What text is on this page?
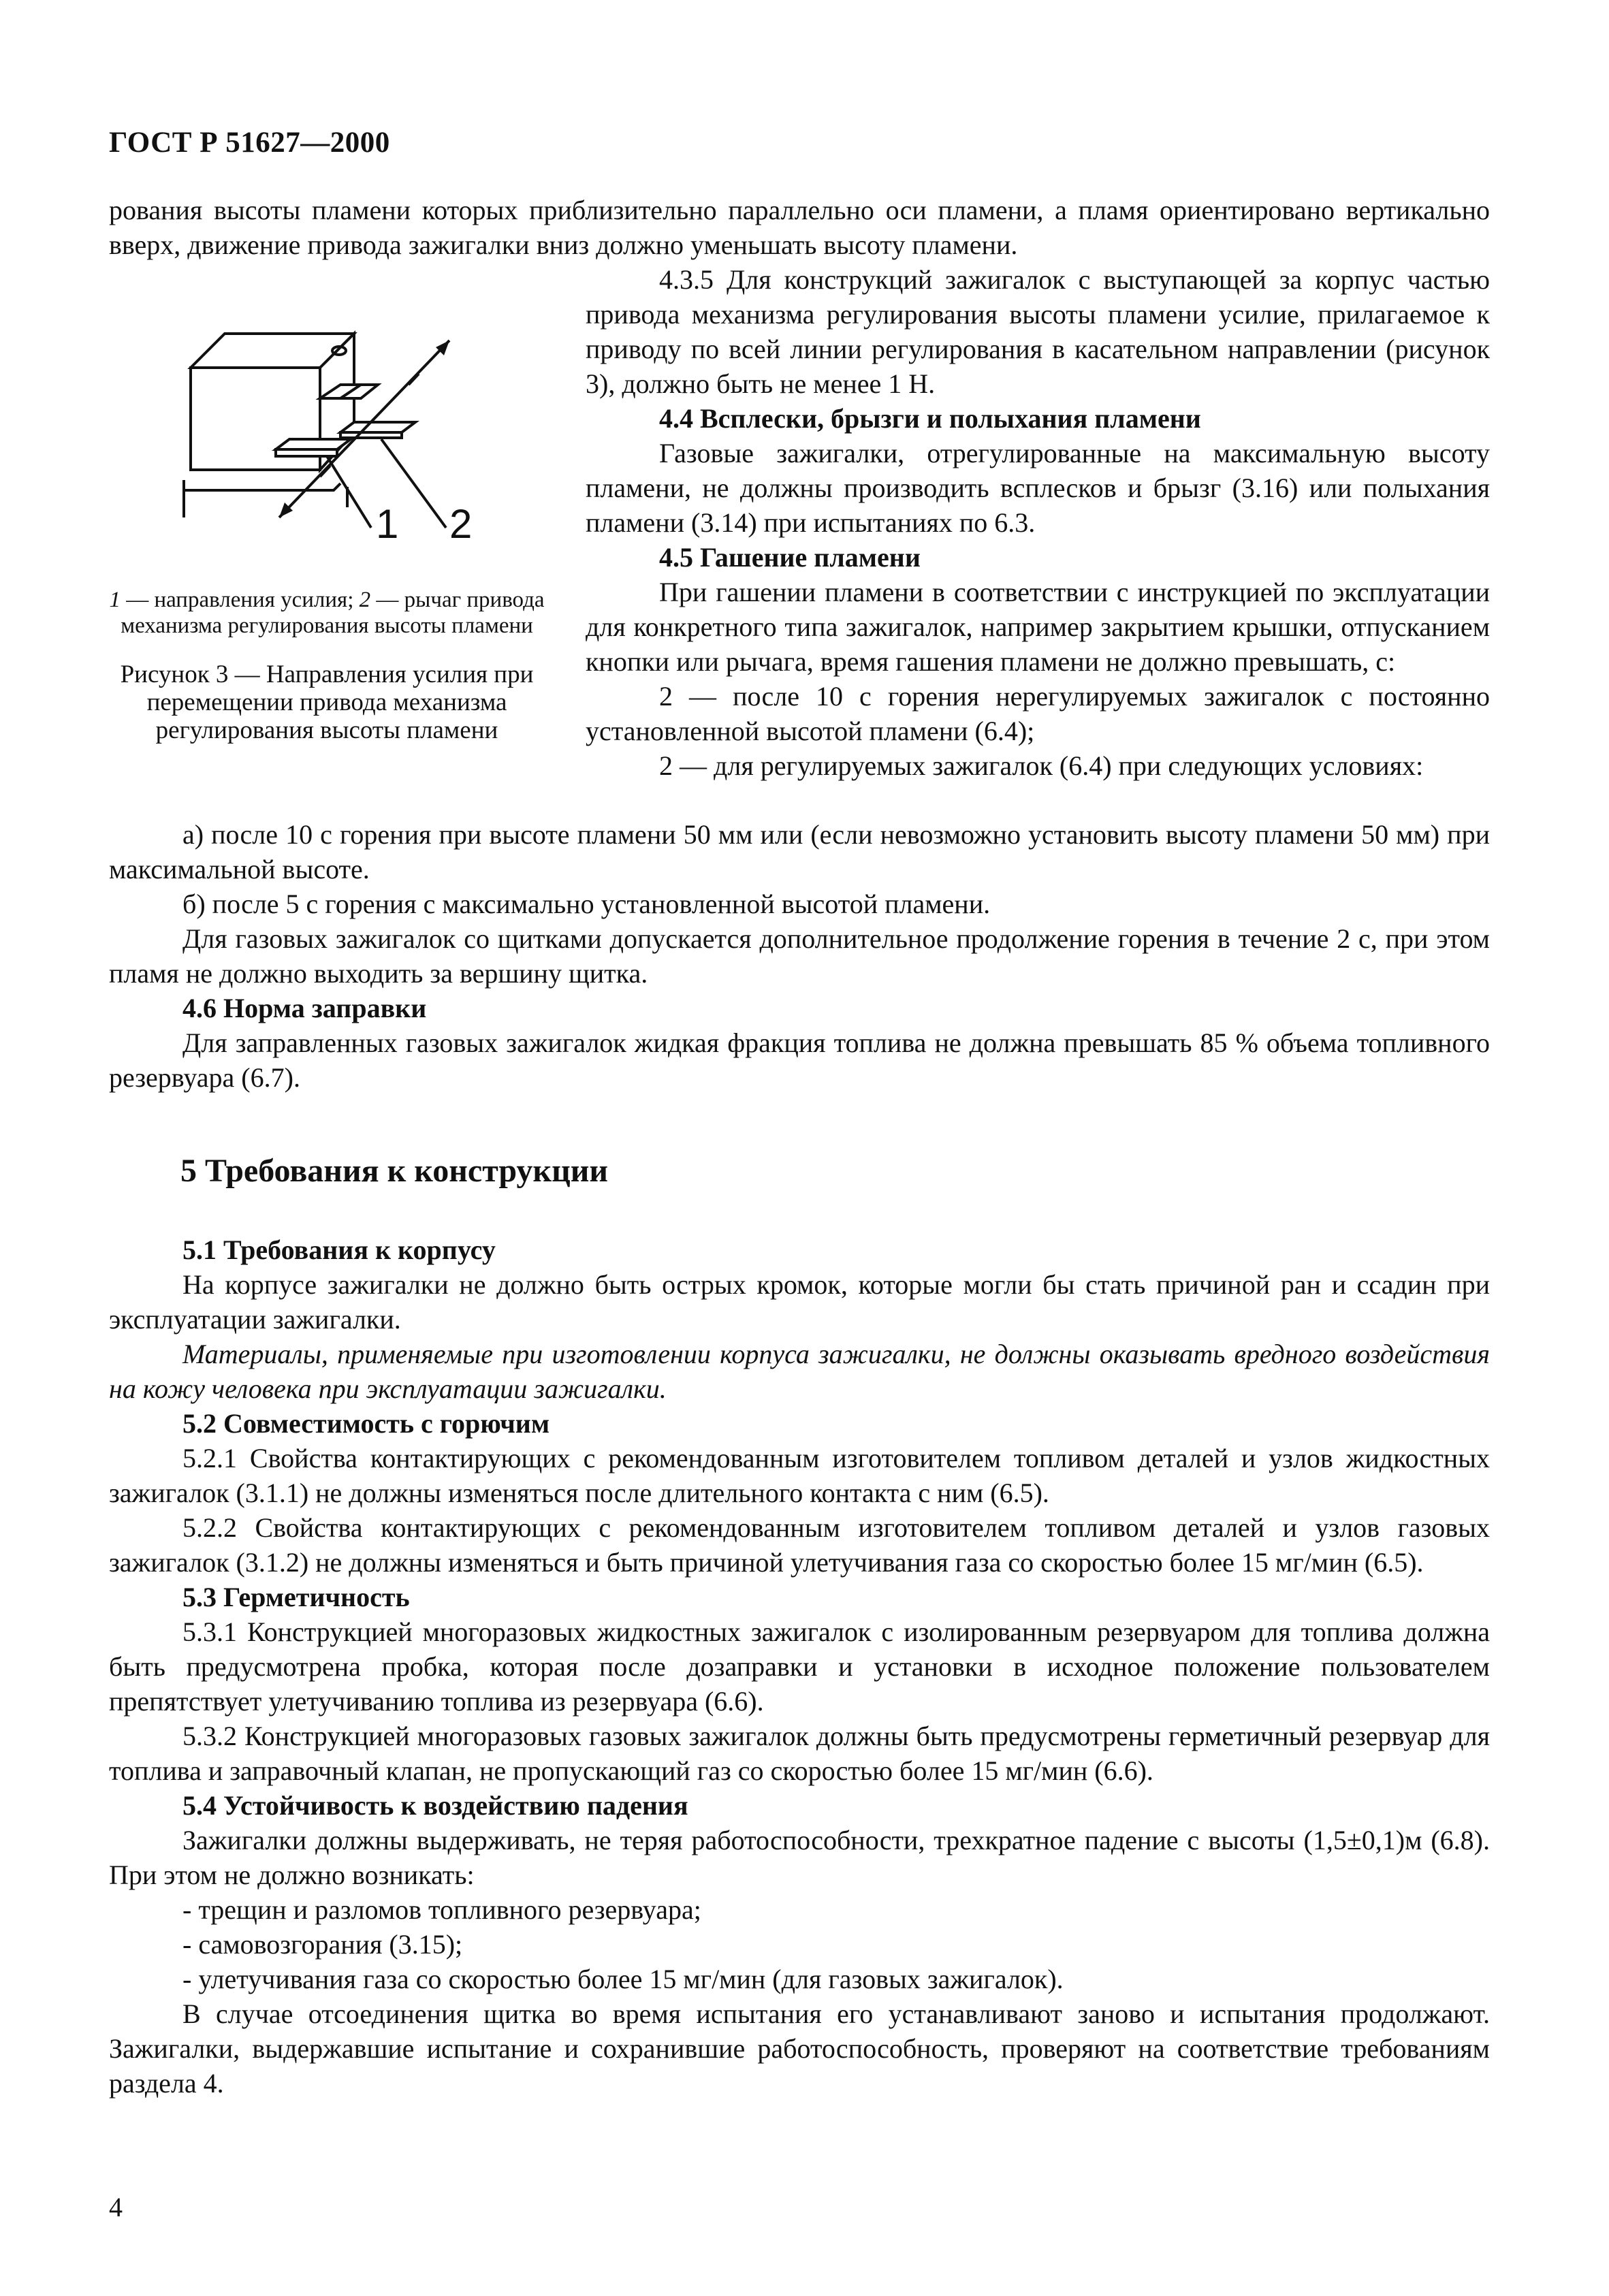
ГОСТ Р 51627—2000

рования высоты пламени которых приблизительно параллельно оси пламени, а пламя ориентировано вертикально вверх, движение привода зажигалки вниз должно уменьшать высоту пламени.

4.3.5 Для конструкций зажигалок с выступающей за корпус частью привода механизма регулирования высоты пламени усилие, прилагаемое к приводу по всей линии регулирования в касательном направлении (рисунок 3), должно быть не менее 1 Н.

4.4 Всплески, брызги и полыхания пламени

Газовые зажигалки, отрегулированные на максимальную высоту пламени, не должны производить всплесков и брызг (3.16) или полыхания пламени (3.14) при испытаниях по 6.3.

4.5 Гашение пламени

При гашении пламени в соответствии с инструкцией по эксплуатации для конкретного типа зажигалок, например закрытием крышки, отпусканием кнопки или рычага, время гашения пламени не должно превышать, с:

2 — после 10 с горения нерегулируемых зажигалок с постоянно установленной высотой пламени (6.4);

2 — для регулируемых зажигалок (6.4) при следующих условиях:

1 2
1 — направления усилия; 2 — рычаг привода механизма регулирования высоты пламени
Рисунок 3 — Направления усилия при перемещении привода механизма регулирования высоты пламени

а) после 10 с горения при высоте пламени 50 мм или (если невозможно установить высоту пламени 50 мм) при максимальной высоте.

б) после 5 с горения с максимально установленной высотой пламени.

Для газовых зажигалок со щитками допускается дополнительное продолжение горения в течение 2 с, при этом пламя не должно выходить за вершину щитка.

4.6 Норма заправки

Для заправленных газовых зажигалок жидкая фракция топлива не должна превышать 85 % объема топливного резервуара (6.7).

5 Требования к конструкции

5.1 Требования к корпусу

На корпусе зажигалки не должно быть острых кромок, которые могли бы стать причиной ран и ссадин при эксплуатации зажигалки.

Материалы, применяемые при изготовлении корпуса зажигалки, не должны оказывать вредного воздействия на кожу человека при эксплуатации зажигалки.

5.2 Совместимость с горючим

5.2.1 Свойства контактирующих с рекомендованным изготовителем топливом деталей и узлов жидкостных зажигалок (3.1.1) не должны изменяться после длительного контакта с ним (6.5).

5.2.2 Свойства контактирующих с рекомендованным изготовителем топливом деталей и узлов газовых зажигалок (3.1.2) не должны изменяться и быть причиной улетучивания газа со скоростью более 15 мг/мин (6.5).

5.3 Герметичность

5.3.1 Конструкцией многоразовых жидкостных зажигалок с изолированным резервуаром для топлива должна быть предусмотрена пробка, которая после дозаправки и установки в исходное положение пользователем препятствует улетучиванию топлива из резервуара (6.6).

5.3.2 Конструкцией многоразовых газовых зажигалок должны быть предусмотрены герметичный резервуар для топлива и заправочный клапан, не пропускающий газ со скоростью более 15 мг/мин (6.6).

5.4 Устойчивость к воздействию падения

Зажигалки должны выдерживать, не теряя работоспособности, трехкратное падение с высоты (1,5±0,1)м (6.8). При этом не должно возникать:

- трещин и разломов топливного резервуара;

- самовозгорания (3.15);

- улетучивания газа со скоростью более 15 мг/мин (для газовых зажигалок).

В случае отсоединения щитка во время испытания его устанавливают заново и испытания продолжают. Зажигалки, выдержавшие испытание и сохранившие работоспособность, проверяют на соответствие требованиям раздела 4.

4
